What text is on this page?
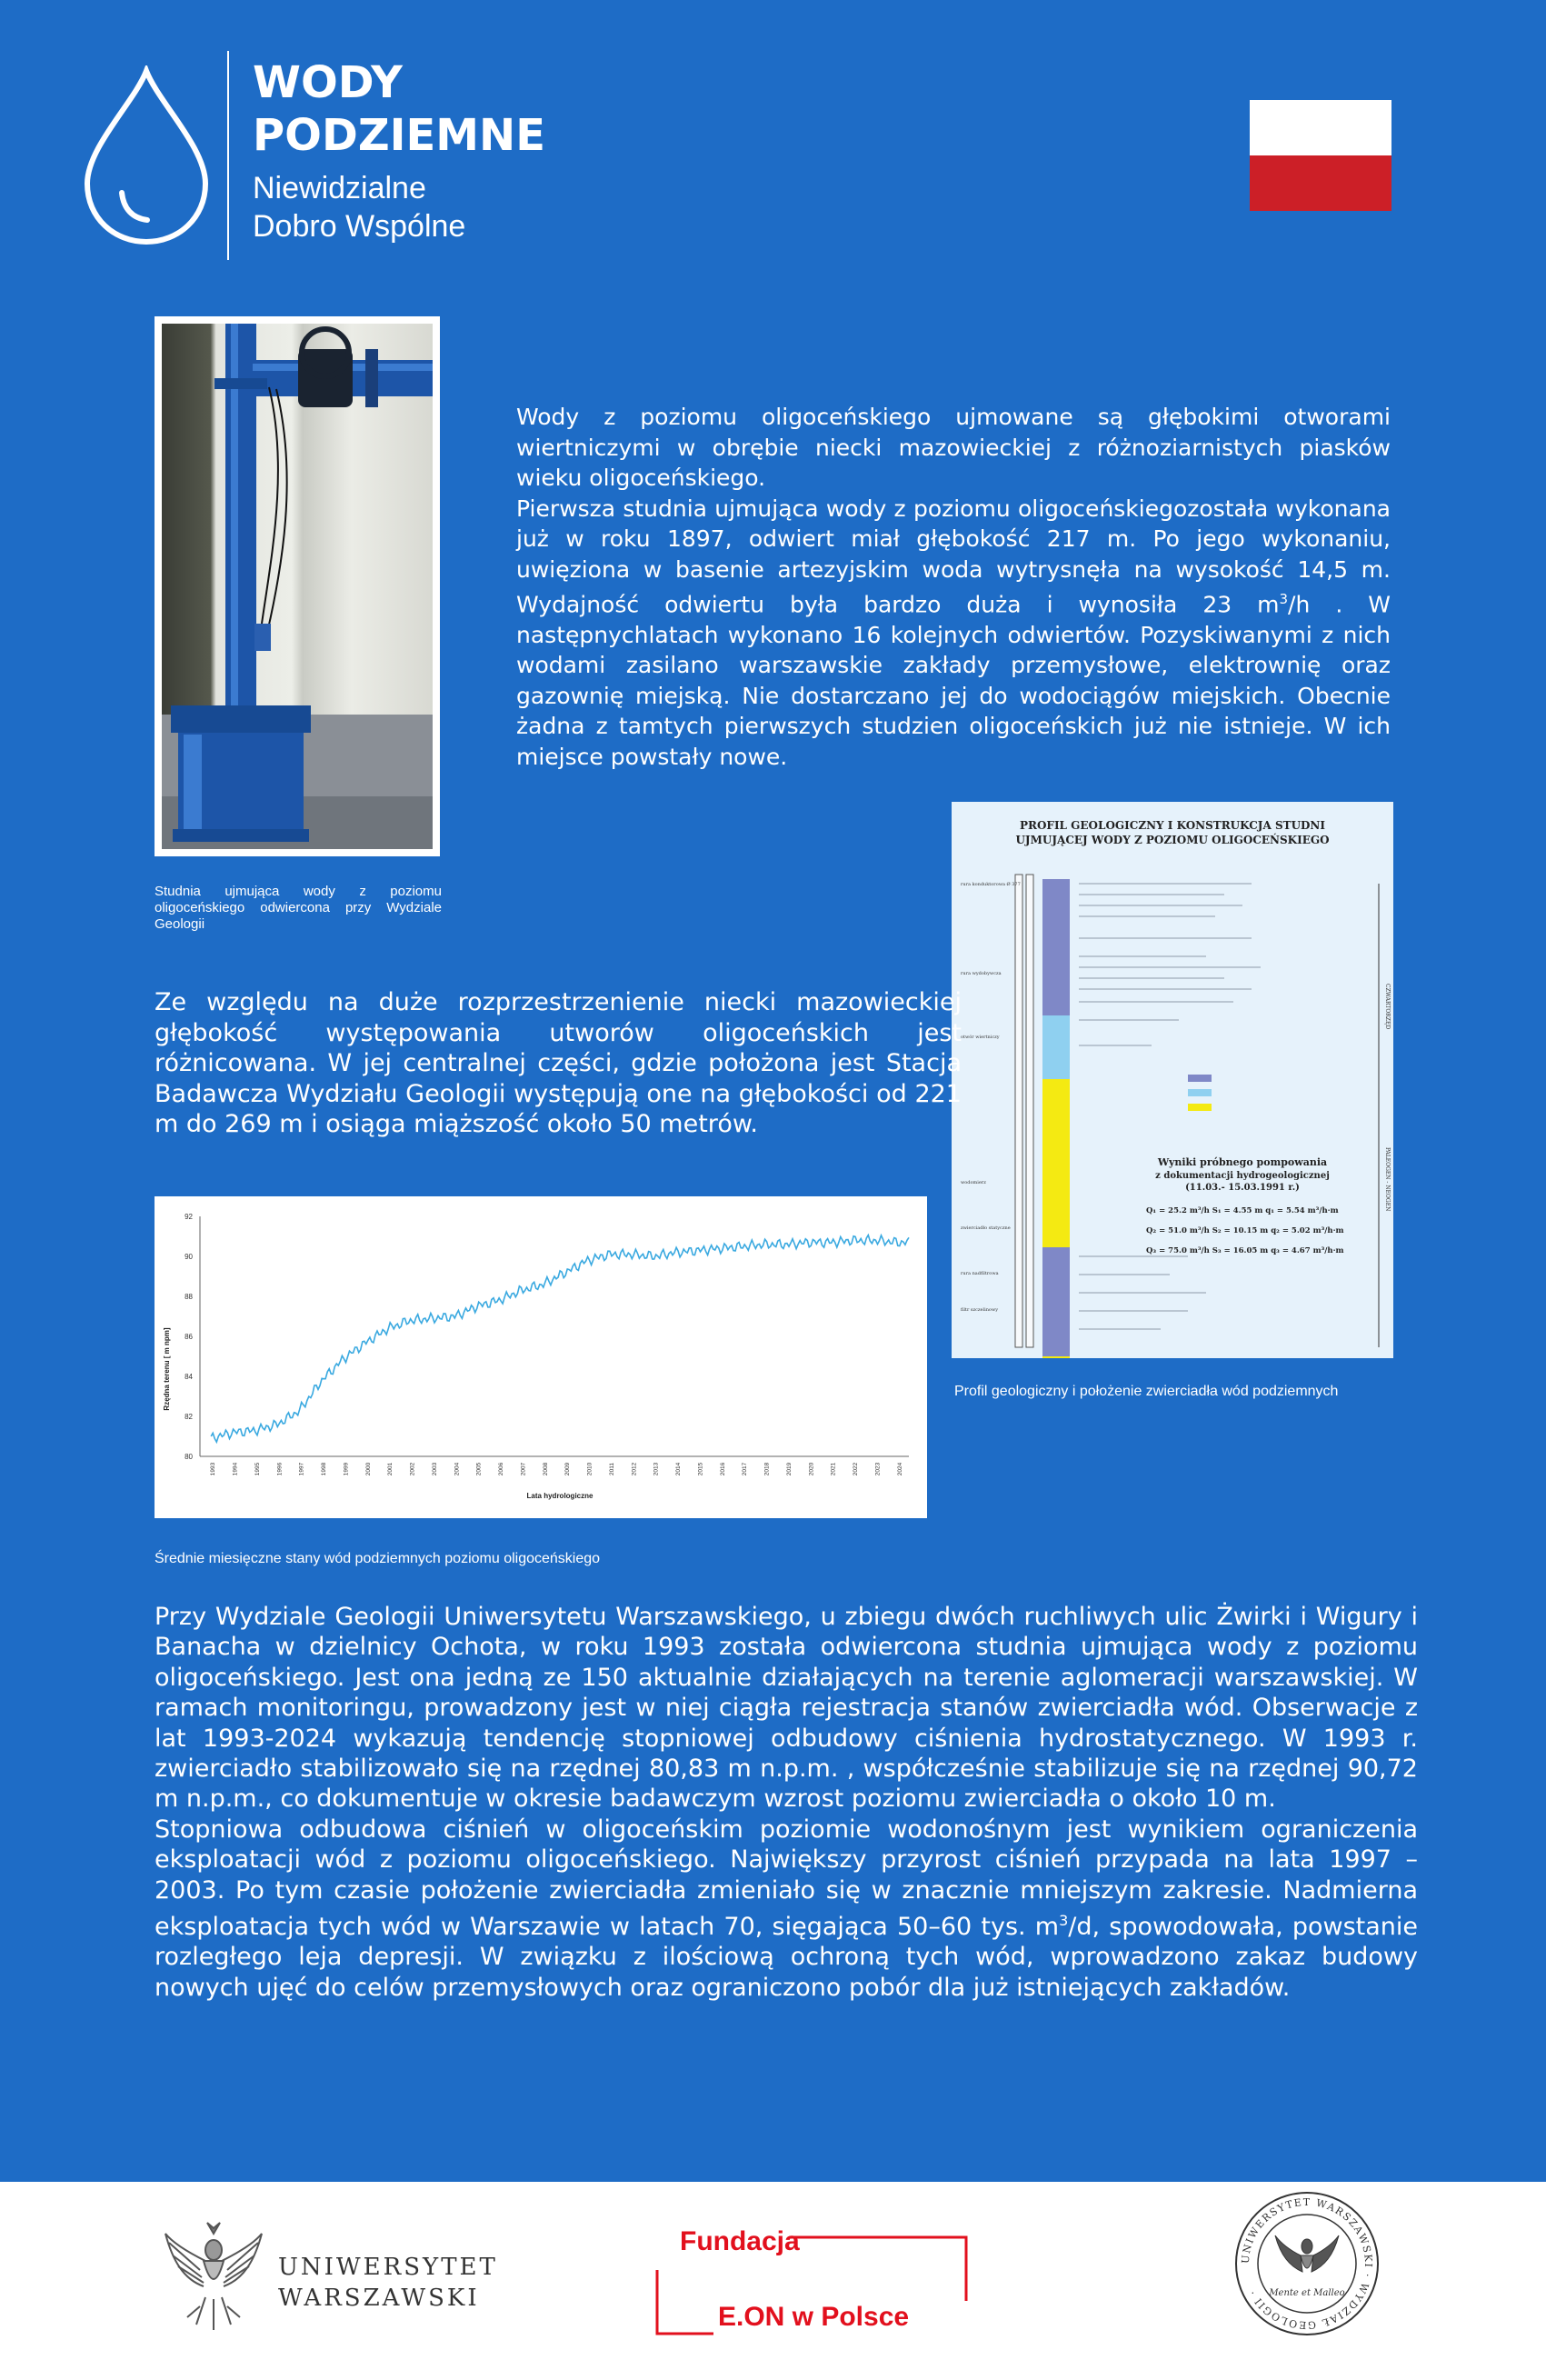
WODY
PODZIEMNE
Niewidzialne
Dobro Wspólne
Studnia ujmująca wody z poziomu oligoceńskiego odwiercona przy Wydziale Geologii

Wody z poziomu oligoceńskiego ujmowane są głębokimi otworami wiertniczymi w obrębie niecki mazowieckiej z różnoziarnistych piasków wieku oligoceńskiego.

Pierwsza studnia ujmująca wody z poziomu oligoceńskiegozostała wykonana już w roku 1897, odwiert miał głębokość 217 m. Po jego wykonaniu, uwięziona w basenie artezyjskim woda wytrysnęła na wysokość 14,5 m. Wydajność odwiertu była bardzo duża i wynosiła 23 $m^3/h$ . W następnychlatach wykonano 16 kolejnych odwiertów. Pozyskiwanymi z nich wodami zasilano warszawskie zakłady przemysłowe, elektrownię oraz gazownię miejską. Nie dostarczano jej do wodociągów miejskich. Obecnie żadna z tamtych pierwszych studzien oligoceńskich już nie istnieje. W ich miejsce powstały nowe.

PROFIL GEOLOGICZNY I KONSTRUKCJA STUDNI
UJMUJĄCEJ WODY Z POZIOMU OLIGOCEŃSKIEGO
rura konduktorowa Ø 377
rura wydobywcza
otwór wiertniczy
wodomierz
zwierciadło statyczne
rura nadfiltrowa
filtr szczelinowy
Wyniki próbnego pompowania
z dokumentacji hydrogeologicznej
(11.03.- 15.03.1991 r.)
Q₁ = 25.2 m³/h S₁ = 4.55 m q₁ = 5.54 m³/h·m
Q₂ = 51.0 m³/h S₂ = 10.15 m q₂ = 5.02 m³/h·m
Q₃ = 75.0 m³/h S₃ = 16.05 m q₃ = 4.67 m³/h·m
CZWARTORZĘD
PALEOGEN - NEOGEN
Profil geologiczny i położenie zwierciadła wód podziemnych
Ze względu na duże rozprzestrzenienie niecki mazowieckiej głębokość występowania utworów oligoceńskich jest różnicowana. W jej centralnej części, gdzie położona jest Stacja Badawcza Wydziału Geologii występują one na głębokości od 221 m do 269 m i osiąga miąższość około 50 metrów.
80
82
84
86
88
90
92
1993	1994	1995	1996	1997	1998	1999	2000	2001	2002	2003	2004	2005	2006	2007	2008	2009	2010	2011	2012	2013	2014	2015	2016	2017	2018	2019	2020	2021	2022	2023	2024
Rzędna terenu [ m npm]
Lata hydrologiczne
Średnie miesięczne stany wód podziemnych poziomu oligoceńskiego

Przy Wydziale Geologii Uniwersytetu Warszawskiego, u zbiegu dwóch ruchliwych ulic Żwirki i Wigury i Banacha w dzielnicy Ochota, w roku 1993 została odwiercona studnia ujmująca wody z poziomu oligoceńskiego. Jest ona jedną ze 150 aktualnie działających na terenie aglomeracji warszawskiej. W ramach monitoringu, prowadzony jest w niej ciągła rejestracja stanów zwierciadła wód. Obserwacje z lat 1993-2024 wykazują tendencję stopniowej odbudowy ciśnienia hydrostatycznego. W 1993 r. zwierciadło stabilizowało się na rzędnej 80,83 m n.p.m. , współcześnie stabilizuje się na rzędnej 90,72 m n.p.m., co dokumentuje w okresie badawczym wzrost poziomu zwierciadła o około 10 m.

Stopniowa odbudowa ciśnień w oligoceńskim poziomie wodonośnym jest wynikiem ograniczenia eksploatacji wód z poziomu oligoceńskiego. Największy przyrost ciśnień przypada na lata 1997 – 2003. Po tym czasie położenie zwierciadła zmieniało się w znacznie mniejszym zakresie. Nadmierna eksploatacja tych wód w Warszawie w latach 70, sięgająca 50–60 tys. $m^3/d$, spowodowała, powstanie rozległego leja depresji. W związku z ilościową ochroną tych wód, wprowadzono zakaz budowy nowych ujęć do celów przemysłowych oraz ograniczono pobór dla już istniejących zakładów.

UNIWERSYTET
WARSZAWSKI
Fundacja
E.ON w Polsce
UNIWERSYTET WARSZAWSKI · WYDZIAŁ GEOLOGII ·	Mente et Malleo
